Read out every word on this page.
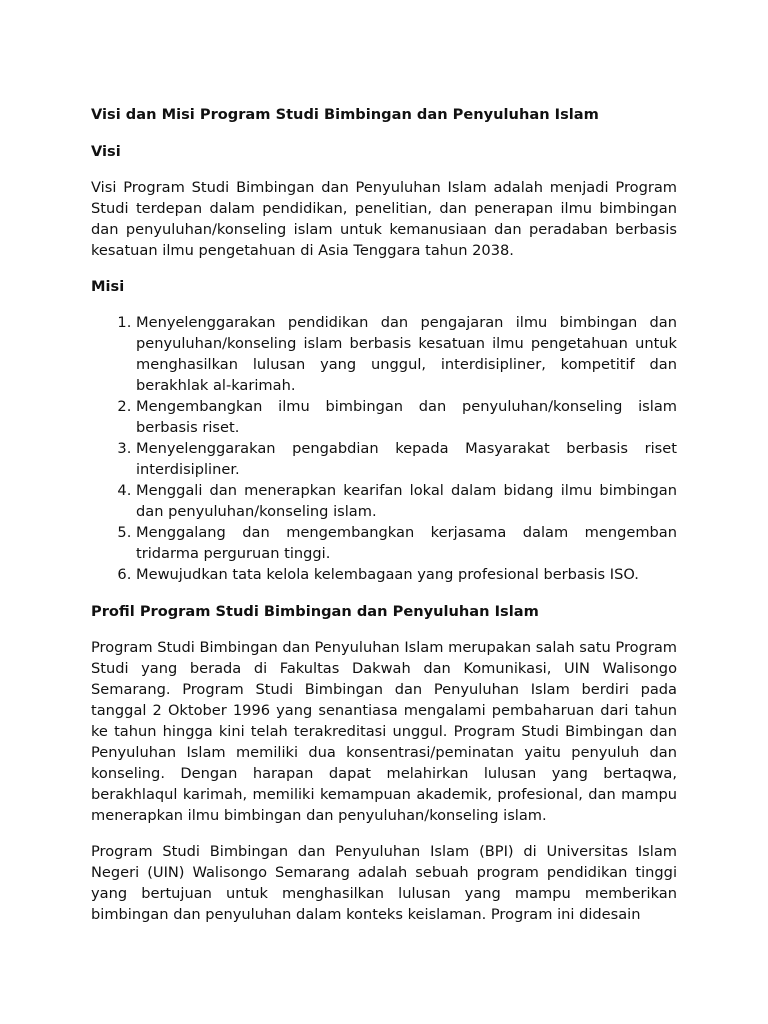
Visi dan Misi Program Studi Bimbingan dan Penyuluhan Islam

Visi

Visi Program Studi Bimbingan dan Penyuluhan Islam adalah menjadi Program Studi terdepan dalam pendidikan, penelitian, dan penerapan ilmu bimbingan dan penyuluhan/konseling islam untuk kemanusiaan dan peradaban berbasis kesatuan ilmu pengetahuan di Asia Tenggara tahun 2038.

Misi

1. Menyelenggarakan pendidikan dan pengajaran ilmu bimbingan dan penyuluhan/konseling islam berbasis kesatuan ilmu pengetahuan untuk menghasilkan lulusan yang unggul, interdisipliner, kompetitif dan berakhlak al-karimah.
2. Mengembangkan ilmu bimbingan dan penyuluhan/konseling islam berbasis riset.
3. Menyelenggarakan pengabdian kepada Masyarakat berbasis riset interdisipliner.
4. Menggali dan menerapkan kearifan lokal dalam bidang ilmu bimbingan dan penyuluhan/konseling islam.
5. Menggalang dan mengembangkan kerjasama dalam mengemban tridarma perguruan tinggi.
6. Mewujudkan tata kelola kelembagaan yang profesional berbasis ISO.

Profil Program Studi Bimbingan dan Penyuluhan Islam

Program Studi Bimbingan dan Penyuluhan Islam merupakan salah satu Program Studi yang berada di Fakultas Dakwah dan Komunikasi, UIN Walisongo Semarang. Program Studi Bimbingan dan Penyuluhan Islam berdiri pada tanggal 2 Oktober 1996 yang senantiasa mengalami pembaharuan dari tahun ke tahun hingga kini telah terakreditasi unggul. Program Studi Bimbingan dan Penyuluhan Islam memiliki dua konsentrasi/peminatan yaitu penyuluh dan konseling. Dengan harapan dapat melahirkan lulusan yang bertaqwa, berakhlaqul karimah, memiliki kemampuan akademik, profesional, dan mampu menerapkan ilmu bimbingan dan penyuluhan/konseling islam.

Program Studi Bimbingan dan Penyuluhan Islam (BPI) di Universitas Islam Negeri (UIN) Walisongo Semarang adalah sebuah program pendidikan tinggi yang bertujuan untuk menghasilkan lulusan yang mampu memberikan bimbingan dan penyuluhan dalam konteks keislaman. Program ini didesain
